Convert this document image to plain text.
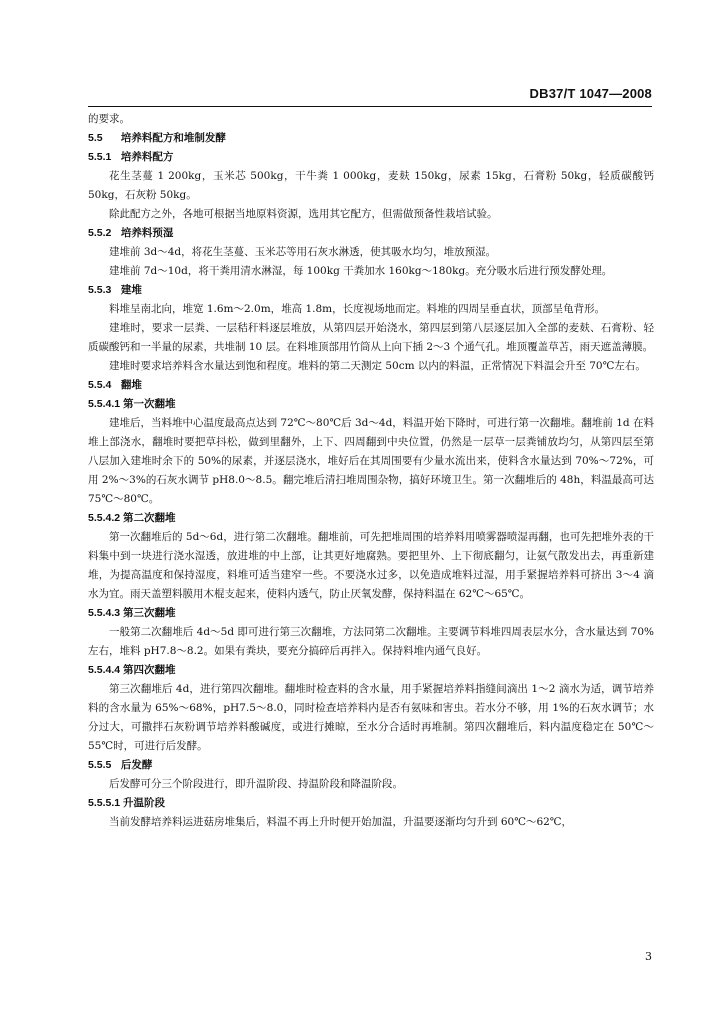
DB37/T 1047—2008

的要求。

5.5 培养料配方和堆制发酵
5.5.1 培养料配方

花生茎蔓 1 200kg，玉米芯 500kg，干牛粪 1 000kg，麦麸 150kg，尿素 15kg，石膏粉 50kg，轻质碳酸钙 50kg，石灰粉 50kg。

除此配方之外，各地可根据当地原料资源，选用其它配方，但需做预备性栽培试验。

5.5.2 培养料预湿

建堆前 3d～4d，将花生茎蔓、玉米芯等用石灰水淋透，使其吸水均匀，堆放预湿。

建堆前 7d～10d，将干粪用清水淋湿，每 100kg 干粪加水 160kg～180kg。充分吸水后进行预发酵处理。

5.5.3 建堆

料堆呈南北向，堆宽 1.6m～2.0m，堆高 1.8m，长度视场地而定。料堆的四周呈垂直状，顶部呈龟背形。

建堆时，要求一层粪、一层秸秆料逐层堆放，从第四层开始浇水，第四层到第八层逐层加入全部的麦麸、石膏粉、轻质碳酸钙和一半量的尿素，共堆制 10 层。在料堆顶部用竹筒从上向下插 2～3 个通气孔。堆顶覆盖草苫，雨天遮盖薄膜。

建堆时要求培养料含水量达到饱和程度。堆料的第二天测定 50cm 以内的料温，正常情况下料温会升至 70℃左右。

5.5.4 翻堆
5.5.4.1 第一次翻堆

建堆后，当料堆中心温度最高点达到 72℃～80℃后 3d～4d，料温开始下降时，可进行第一次翻堆。翻堆前 1d 在料堆上部浇水，翻堆时要把草抖松，做到里翻外，上下、四周翻到中央位置，仍然是一层草一层粪铺放均匀，从第四层至第八层加入建堆时余下的 50%的尿素，并逐层浇水，堆好后在其周围要有少量水流出来，使料含水量达到 70%～72%，可用 2%～3%的石灰水调节 pH8.0～8.5。翻完堆后清扫堆周围杂物，搞好环境卫生。第一次翻堆后的 48h，料温最高可达 75℃～80℃。

5.5.4.2 第二次翻堆

第一次翻堆后的 5d～6d，进行第二次翻堆。翻堆前，可先把堆周围的培养料用喷雾器喷湿再翻，也可先把堆外表的干料集中到一块进行浇水湿透，放进堆的中上部，让其更好地腐熟。要把里外、上下彻底翻匀，让氨气散发出去，再重新建堆，为提高温度和保持湿度，料堆可适当建窄一些。不要浇水过多，以免造成堆料过湿，用手紧握培养料可挤出 3～4 滴水为宜。雨天盖塑料膜用木棍支起来，使料内透气，防止厌氧发酵，保持料温在 62℃～65℃。

5.5.4.3 第三次翻堆

一般第二次翻堆后 4d～5d 即可进行第三次翻堆，方法同第二次翻堆。主要调节料堆四周表层水分，含水量达到 70%左右，堆料 pH7.8～8.2。如果有粪块，要充分搞碎后再拌入。保持料堆内通气良好。

5.5.4.4 第四次翻堆

第三次翻堆后 4d，进行第四次翻堆。翻堆时检查料的含水量，用手紧握培养料指缝间滴出 1～2 滴水为适，调节培养料的含水量为 65%～68%，pH7.5～8.0，同时检查培养料内是否有氨味和害虫。若水分不够，用 1%的石灰水调节；水分过大，可撒拌石灰粉调节培养料酸碱度，或进行摊晾，至水分合适时再堆制。第四次翻堆后，料内温度稳定在 50℃～55℃时，可进行后发酵。

5.5.5 后发酵

后发酵可分三个阶段进行，即升温阶段、持温阶段和降温阶段。

5.5.5.1 升温阶段

当前发酵培养料运进菇房堆集后，料温不再上升时便开始加温，升温要逐渐均匀升到 60℃～62℃，

3
